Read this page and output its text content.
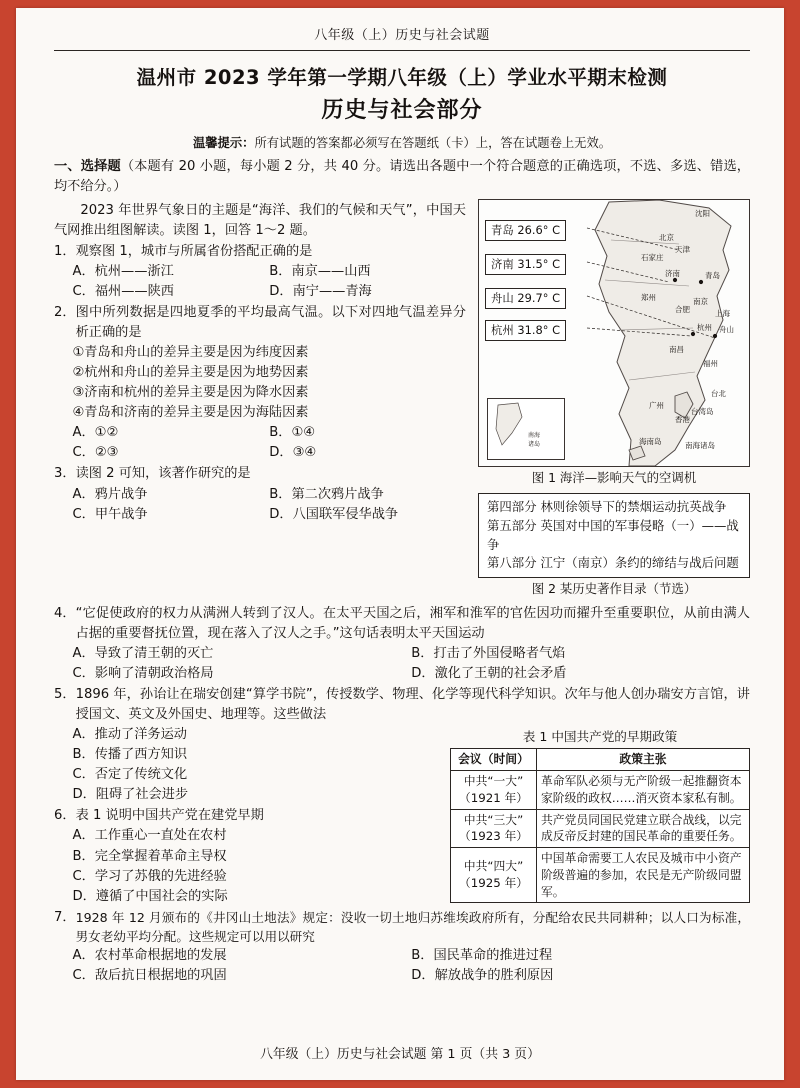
八年级（上）历史与社会试题
温州市 2023 学年第一学期八年级（上）学业水平期末检测
历史与社会部分
温馨提示：所有试题的答案都必须写在答题纸（卡）上，答在试题卷上无效。
一、选择题（本题有 20 小题，每小题 2 分，共 40 分。请选出各题中一个符合题意的正确选项，不选、多选、错选，均不给分。）
沈阳
北京
天津
石家庄
济南	青岛
郑州
合肥
南京
上海
杭州 舟山
南昌
福州
台北
台湾岛
广州
香港
海南岛	南海诸岛
青岛 26.6° C
济南 31.5° C
舟山 29.7° C
杭州 31.8° C
南海
诸岛
图 1 海洋—影响天气的空调机
第四部分 林则徐领导下的禁烟运动抗英战争
第五部分 英国对中国的军事侵略（一）——战争
第八部分 江宁（南京）条约的缔结与战后问题
图 2 某历史著作目录（节选）
2023 年世界气象日的主题是“海洋、我们的气候和天气”，中国天气网推出组图解读。读图 1，回答 1～2 题。
1． 观察图 1，城市与所属省份搭配正确的是
A．杭州——浙江	B．南京——山西
C．福州——陕西	D．南宁——青海
2． 图中所列数据是四地夏季的平均最高气温。以下对四地气温差异分析正确的是
①青岛和舟山的差异主要是因为纬度因素
②杭州和舟山的差异主要是因为地势因素
③济南和杭州的差异主要是因为降水因素
④青岛和济南的差异主要是因为海陆因素
A．①②	B．①④
C．②③	D．③④
3． 读图 2 可知，该著作研究的是
A．鸦片战争	B．第二次鸦片战争
C．甲午战争	D．八国联军侵华战争
4． “它促使政府的权力从满洲人转到了汉人。在太平天国之后，湘军和淮军的官佐因功而擢升至重要职位，从前由满人占据的重要督抚位置，现在落入了汉人之手。”这句话表明太平天国运动
A．导致了清王朝的灭亡	B．打击了外国侵略者气焰
C．影响了清朝政治格局	D．激化了王朝的社会矛盾
5． 1896 年，孙诒让在瑞安创建“算学书院”，传授数学、物理、化学等现代科学知识。次年与他人创办瑞安方言馆，讲授国文、英文及外国史、地理等。这些做法
表 1 中国共产党的早期政策
会议（时间）	政策主张

中共“一大”
（1921 年）	革命军队必须与无产阶级一起推翻资本家阶级的政权……消灭资本家私有制。

中共“三大”
（1923 年）	共产党员同国民党建立联合战线，以完成反帝反封建的国民革命的重要任务。

中共“四大”
（1925 年）	中国革命需要工人农民及城市中小资产阶级普遍的参加，农民是无产阶级同盟军。
A．推动了洋务运动
B．传播了西方知识
C．否定了传统文化
D．阻碍了社会进步
6． 表 1 说明中国共产党在建党早期
A．工作重心一直处在农村
B．完全掌握着革命主导权
C．学习了苏俄的先进经验
D．遵循了中国社会的实际
7． 1928 年 12 月颁布的《井冈山土地法》规定：没收一切土地归苏维埃政府所有，分配给农民共同耕种；以人口为标准，男女老幼平均分配。这些规定可以用以研究
A．农村革命根据地的发展	B．国民革命的推进过程
C．敌后抗日根据地的巩固	D．解放战争的胜利原因
八年级（上）历史与社会试题 第 1 页（共 3 页）
